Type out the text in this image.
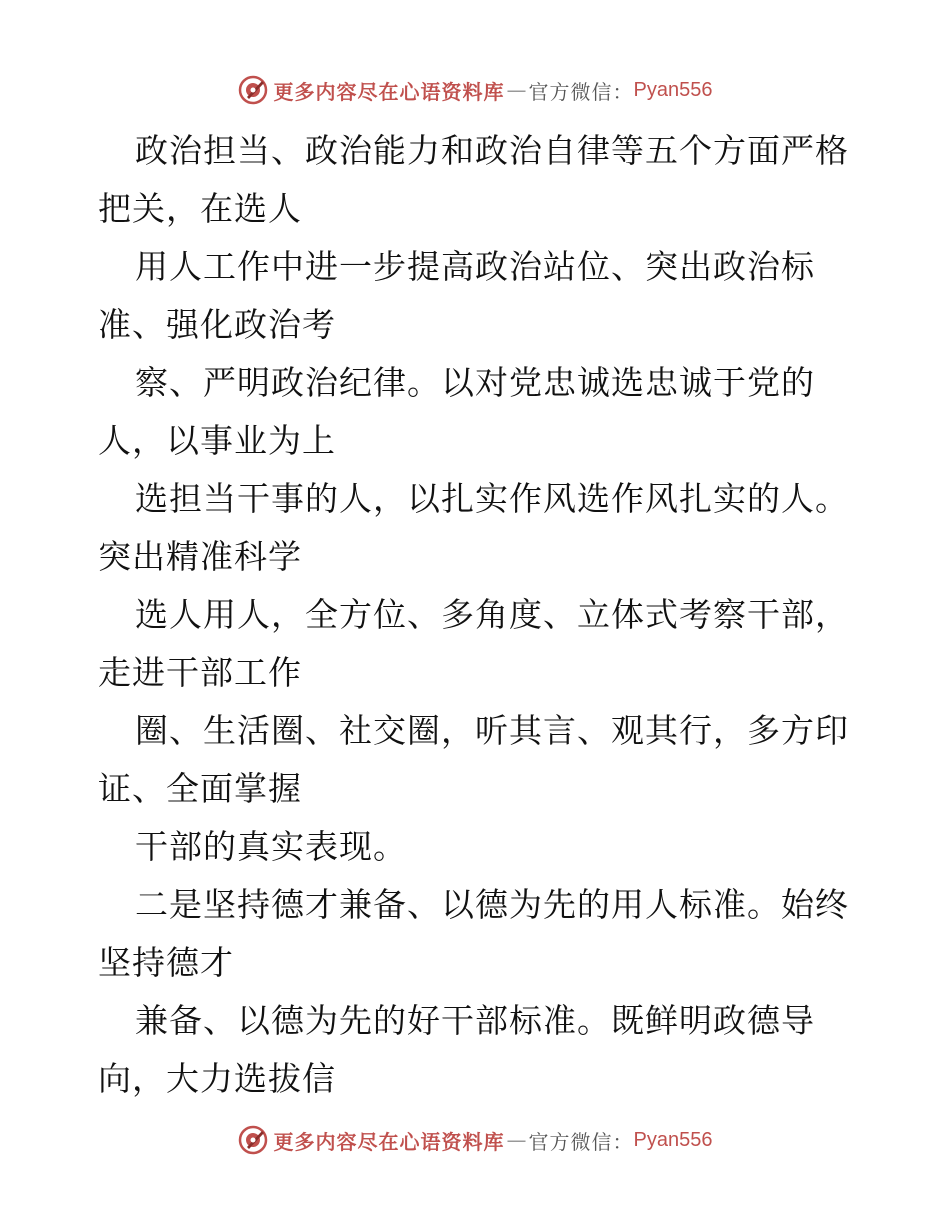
更多内容尽在心语资料库 — 官方微信： Pyan556
政治担当、政治能力和政治自律等五个方面严格
把关，在选人
用人工作中进一步提高政治站位、突出政治标
准、强化政治考
察、严明政治纪律。以对党忠诚选忠诚于党的
人，以事业为上
选担当干事的人，以扎实作风选作风扎实的人。
突出精准科学
选人用人，全方位、多角度、立体式考察干部，
走进干部工作
圈、生活圈、社交圈，听其言、观其行，多方印
证、全面掌握
干部的真实表现。
二是坚持德才兼备、以德为先的用人标准。始终
坚持德才
兼备、以德为先的好干部标准。既鲜明政德导
向，大力选拔信
更多内容尽在心语资料库 — 官方微信： Pyan556
